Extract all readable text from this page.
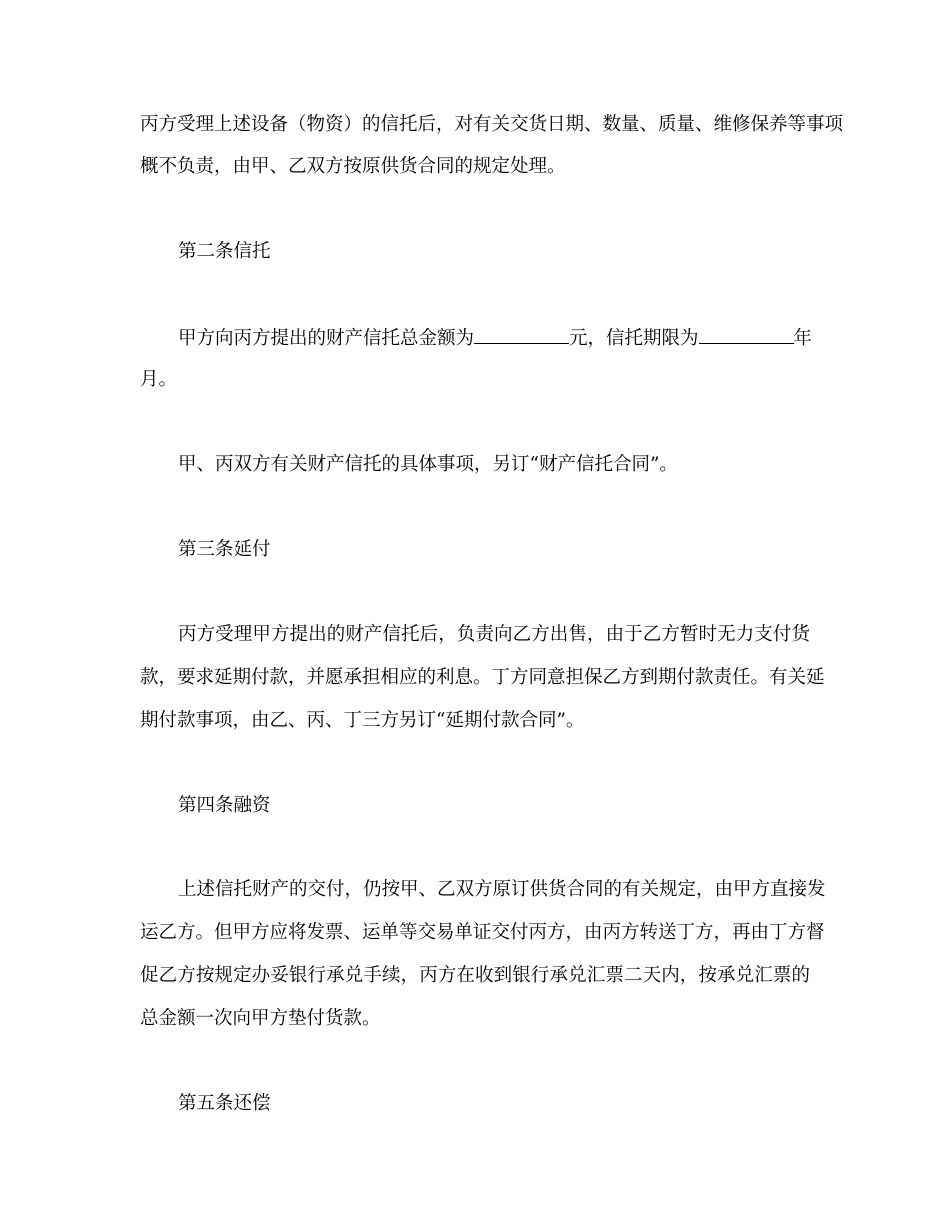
丙方受理上述设备（物资）的信托后，对有关交货日期、数量、质量、维修保养等事项
概不负责，由甲、乙双方按原供货合同的规定处理。
第二条信托
甲方向丙方提出的财产信托总金额为	元，信托期限为	年
月。
甲、丙双方有关财产信托的具体事项，另订“财产信托合同”。
第三条延付
丙方受理甲方提出的财产信托后，负责向乙方出售，由于乙方暂时无力支付货
款，要求延期付款，并愿承担相应的利息。丁方同意担保乙方到期付款责任。有关延
期付款事项，由乙、丙、丁三方另订“延期付款合同”。
第四条融资
上述信托财产的交付，仍按甲、乙双方原订供货合同的有关规定，由甲方直接发
运乙方。但甲方应将发票、运单等交易单证交付丙方，由丙方转送丁方，再由丁方督
促乙方按规定办妥银行承兑手续，丙方在收到银行承兑汇票二天内，按承兑汇票的
总金额一次向甲方垫付货款。
第五条还偿
